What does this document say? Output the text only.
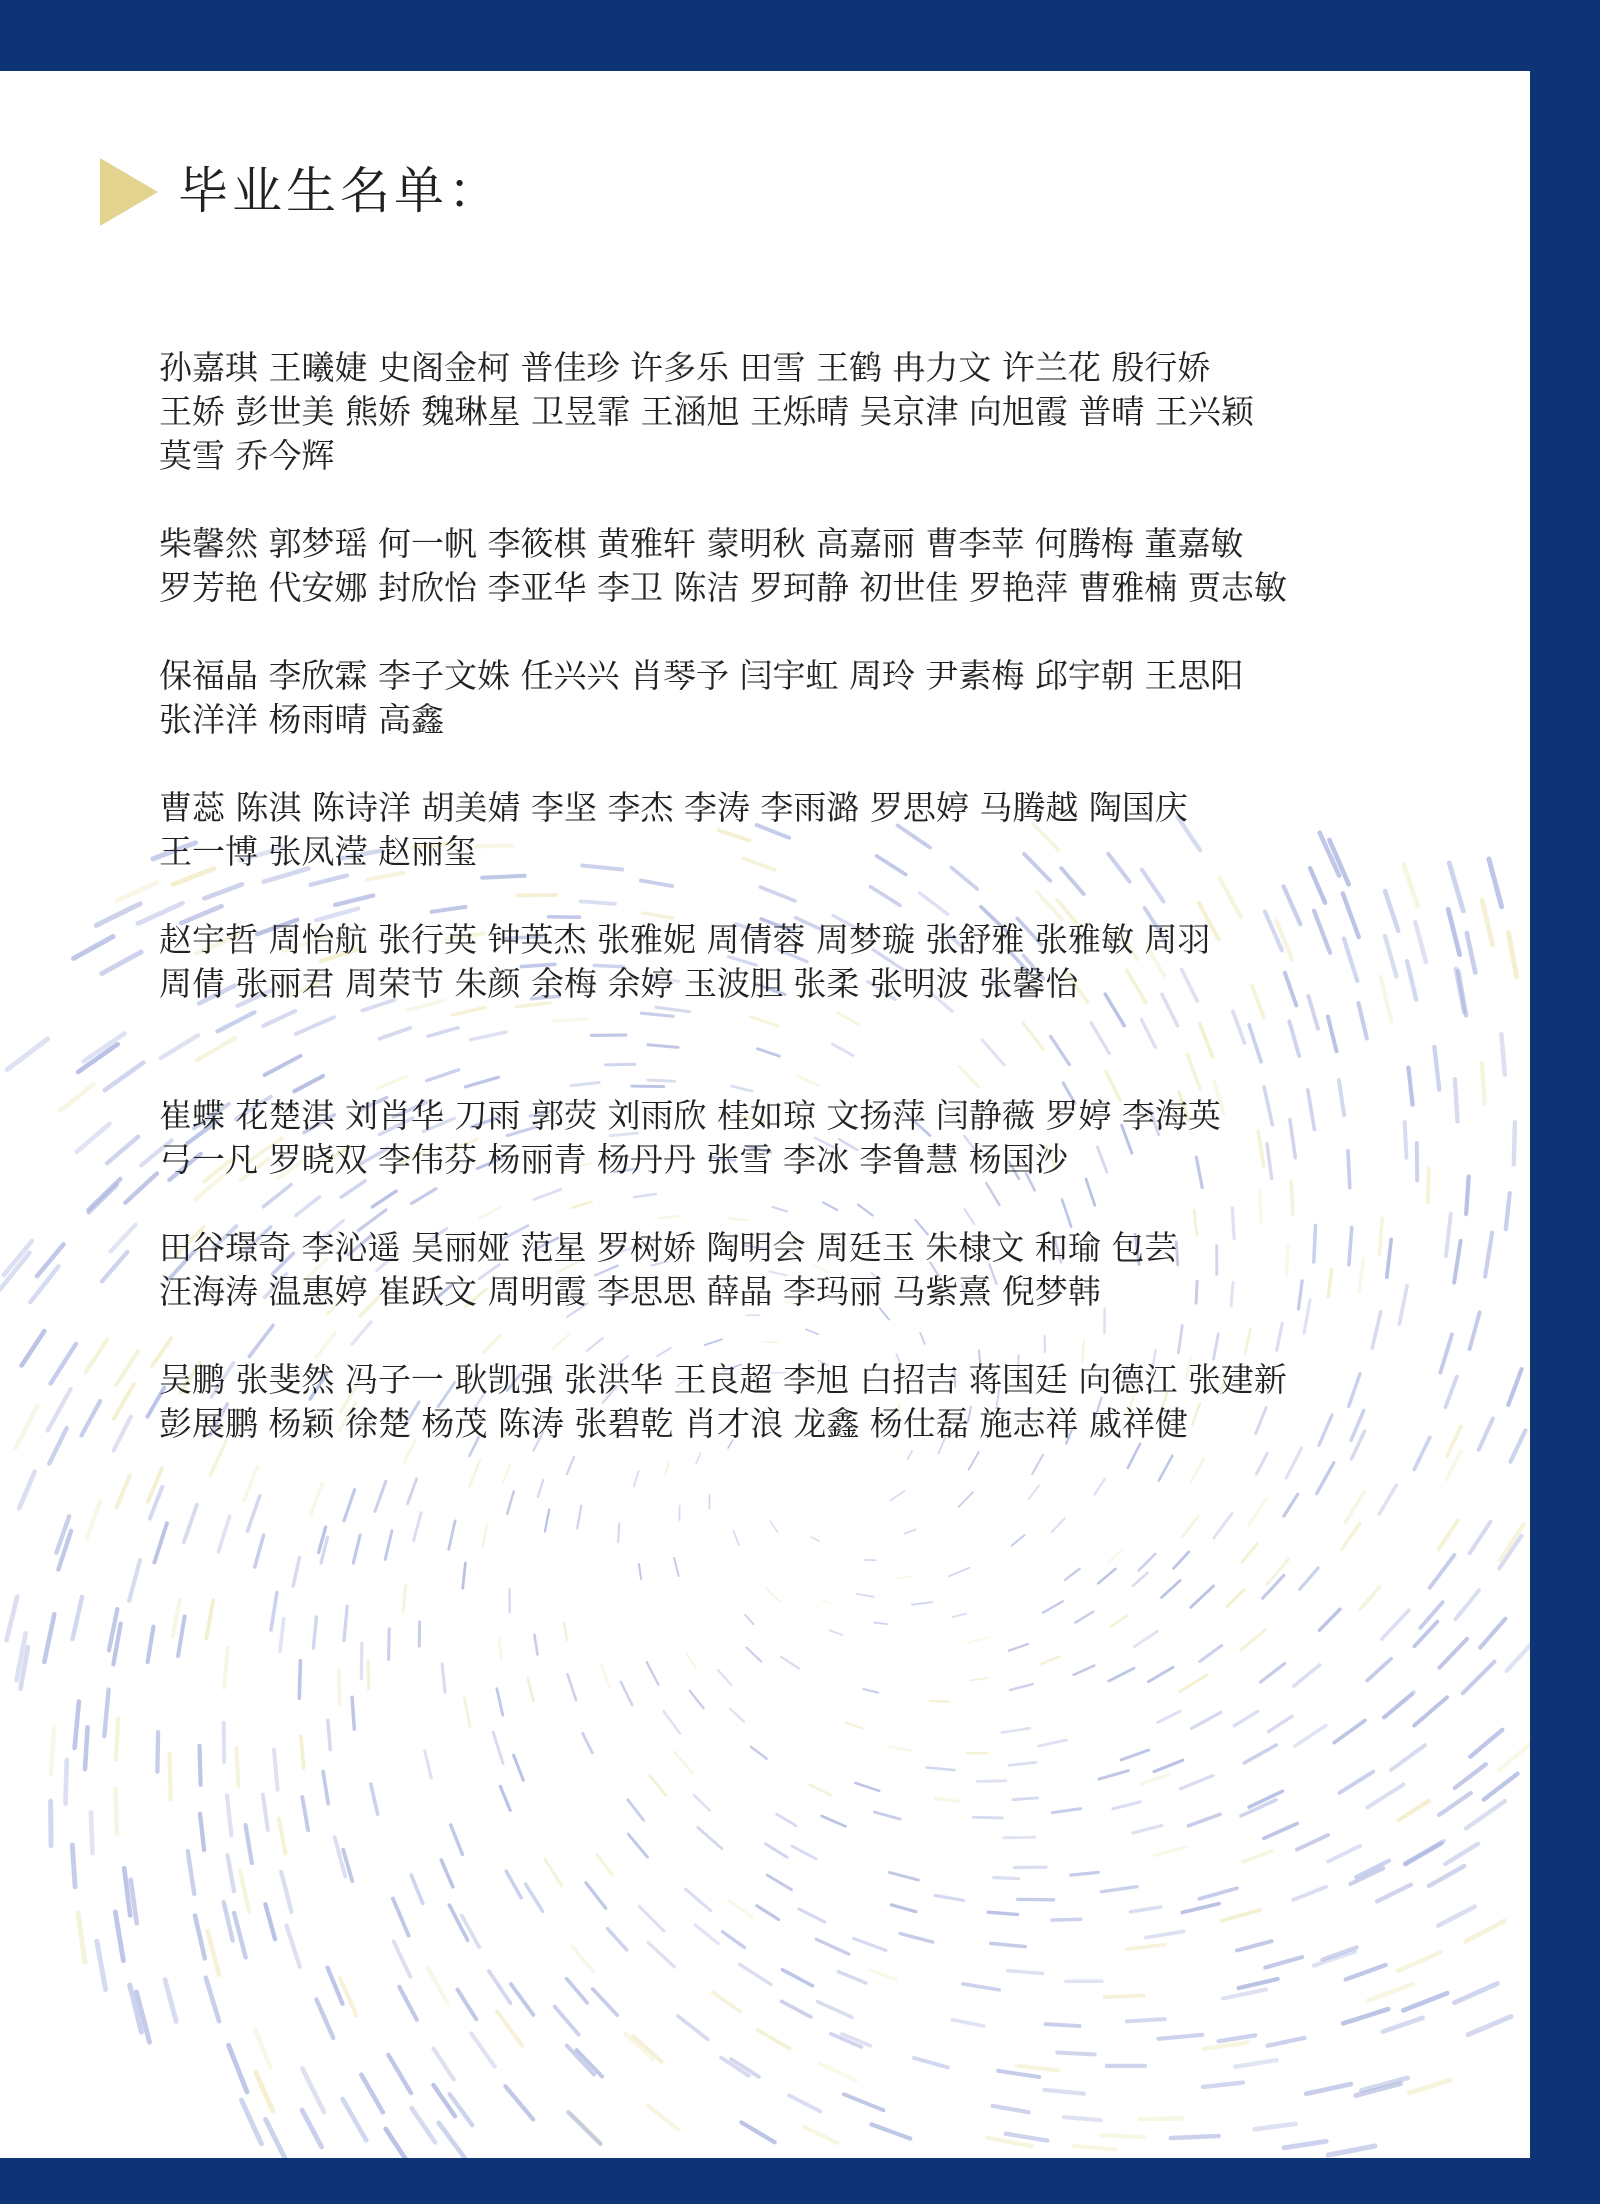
毕业生名单：
孙嘉琪 王曦婕 史阁金柯 普佳珍 许多乐 田雪 王鹤 冉力文 许兰花 殷行娇
王娇 彭世美 熊娇 魏琳星 卫昱霏 王涵旭 王烁晴 吴京津 向旭霞 普晴 王兴颖
莫雪 乔今辉
柴馨然 郭梦瑶 何一帆 李筱棋 黄雅轩 蒙明秋 高嘉丽 曹李苹 何腾梅 董嘉敏
罗芳艳 代安娜 封欣怡 李亚华 李卫 陈洁 罗珂静 初世佳 罗艳萍 曹雅楠 贾志敏
保福晶 李欣霖 李子文姝 任兴兴 肖琴予 闫宇虹 周玲 尹素梅 邱宇朝 王思阳
张洋洋 杨雨晴 高鑫
曹蕊 陈淇 陈诗洋 胡美婧 李坚 李杰 李涛 李雨潞 罗思婷 马腾越 陶国庆
王一博 张凤滢 赵丽玺
赵宇哲 周怡航 张行英 钟英杰 张雅妮 周倩蓉 周梦璇 张舒雅 张雅敏 周羽
周倩 张丽君 周荣节 朱颜 余梅 余婷 玉波胆 张柔 张明波 张馨怡
崔蝶 花楚淇 刘肖华 刀雨 郭荧 刘雨欣 桂如琼 文扬萍 闫静薇 罗婷 李海英
弓一凡 罗晓双 李伟芬 杨丽青 杨丹丹 张雪 李冰 李鲁慧 杨国沙
田谷璟奇 李沁遥 吴丽娅 范星 罗树娇 陶明会 周廷玉 朱棣文 和瑜 包芸
汪海涛 温惠婷 崔跃文 周明霞 李思思 薛晶 李玛丽 马紫熹 倪梦韩
吴鹏 张斐然 冯子一 耿凯强 张洪华 王良超 李旭 白招吉 蒋国廷 向德江 张建新
彭展鹏 杨颖 徐楚 杨茂 陈涛 张碧乾 肖才浪 龙鑫 杨仕磊 施志祥 戚祥健
